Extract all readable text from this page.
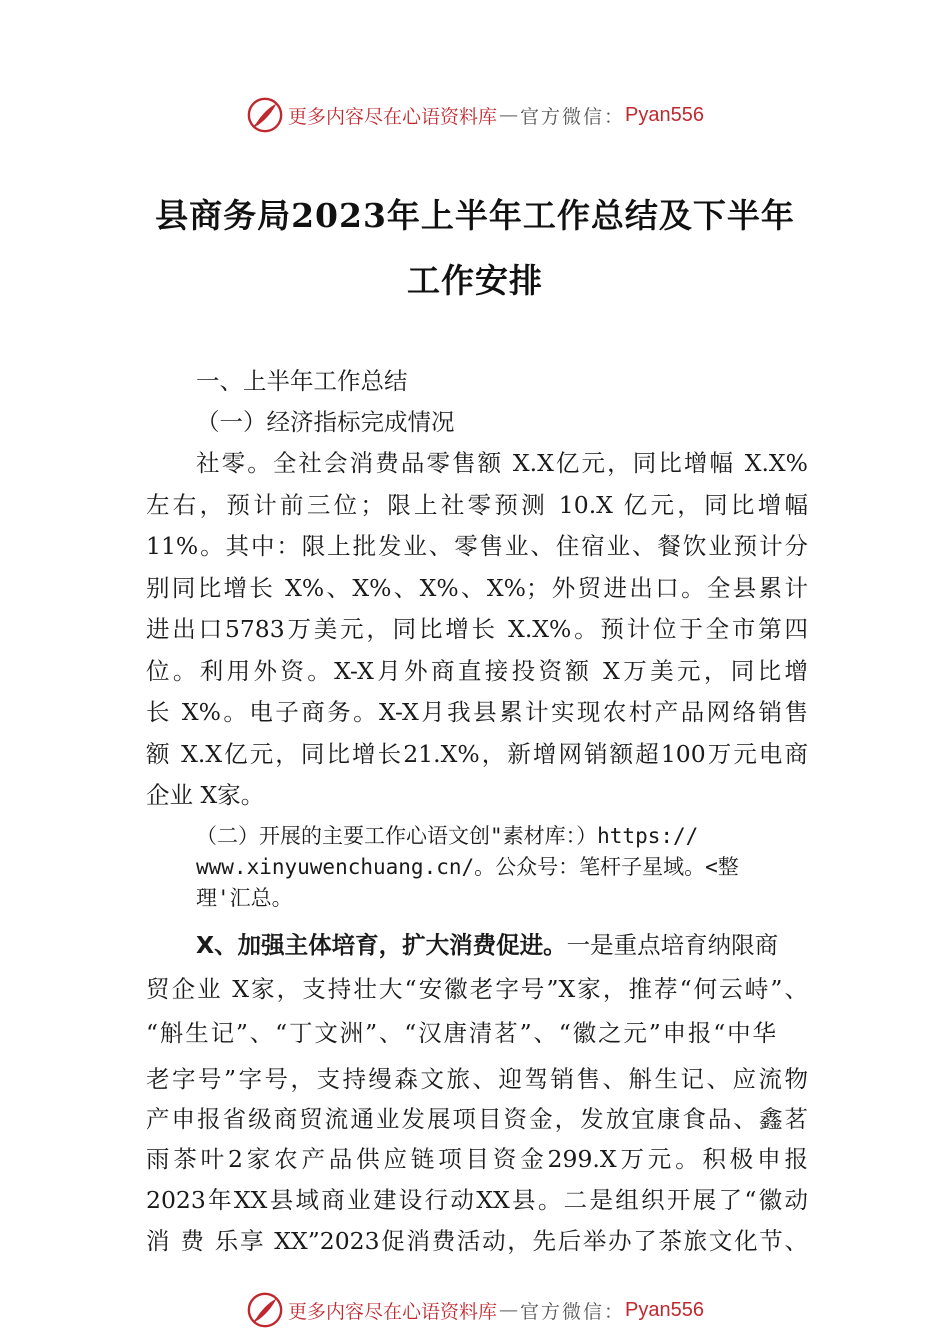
更多内容尽在心语资料库 — 官方微信： Pyan556
县商务局2023年上半年工作总结及下半年
工作安排
一、上半年工作总结
（一）经济指标完成情况
社零。全社会消费品零售额 X.X亿元，同比增幅 X.X%
左右，预计前三位；限上社零预测 10.X 亿元，同比增幅
11%。其中：限上批发业、零售业、住宿业、餐饮业预计分
别同比增长 X%、X%、X%、X%；外贸进出口。全县累计
进出口5783万美元，同比增长 X.X%。预计位于全市第四
位。利用外资。X-X月外商直接投资额 X万美元，同比增
长 X%。电子商务。X-X月我县累计实现农村产品网络销售
额 X.X亿元，同比增长21.X%，新增网销额超100万元电商
企业 X家。
（二）开展的主要工作心语文创"素材库：）https://
www.xinyuwenchuang.cn/。公众号：笔杆子星域。<整
理'汇总。
X、加强主体培育，扩大消费促进。一是重点培育纳限商
贸企业 X家，支持壮大“安徽老字号”X家，推荐“何云峙”、
“斛生记”、“丁文洲”、“汉唐清茗”、“徽之元”申报“中华
老字号”字号，支持缦森文旅、迎驾销售、斛生记、应流物
产申报省级商贸流通业发展项目资金，发放宜康食品、鑫茗
雨茶叶2家农产品供应链项目资金299.X万元。积极申报
2023年XX县域商业建设行动XX县。二是组织开展了“徽动
消 费 乐享 XX”2023促消费活动，先后举办了茶旅文化节、
更多内容尽在心语资料库 — 官方微信： Pyan556
